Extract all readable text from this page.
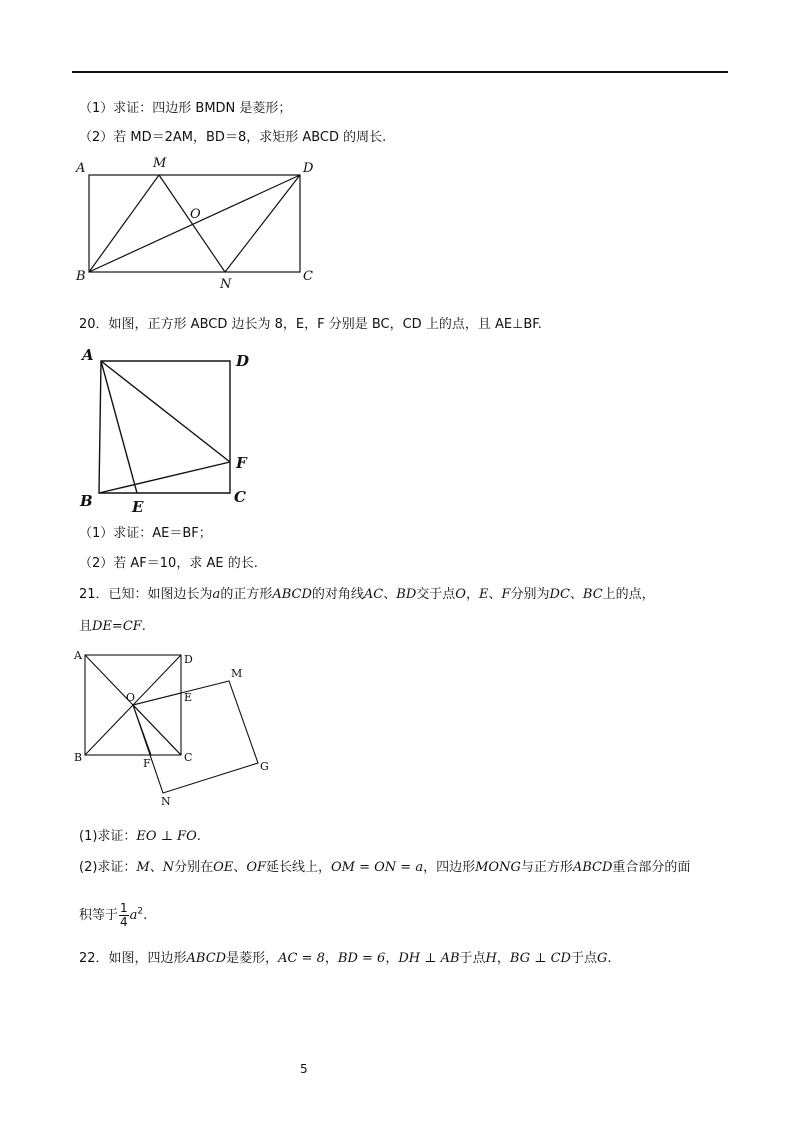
（1）求证：四边形 BMDN 是菱形；
（2）若 MD＝2AM，BD＝8，求矩形 ABCD 的周长.
A	M	D
O
B
N
C
20．如图，正方形 ABCD 边长为 8，E，F 分别是 BC，CD 上的点，且 AE⊥BF.
A	D
F
B	E
C
（1）求证：AE＝BF；
（2）若 AF＝10，求 AE 的长.
21．已知：如图边长为a的正方形ABCD的对角线AC、BD交于点O，E、F分别为DC、BC上的点，
且DE=CF.
A	D
M
O	E
B	C
F	G
N
(1)求证：EO ⊥ FO.
(2)求证：M、N分别在OE、OF延长线上，OM = ON = a，四边形MONG与正方形ABCD重合部分的面
积等于 $\frac{1}{4} a^2$.
22．如图，四边形ABCD是菱形，AC = 8，BD = 6，DH ⊥ AB于点H，BG ⊥ CD于点G.
5
